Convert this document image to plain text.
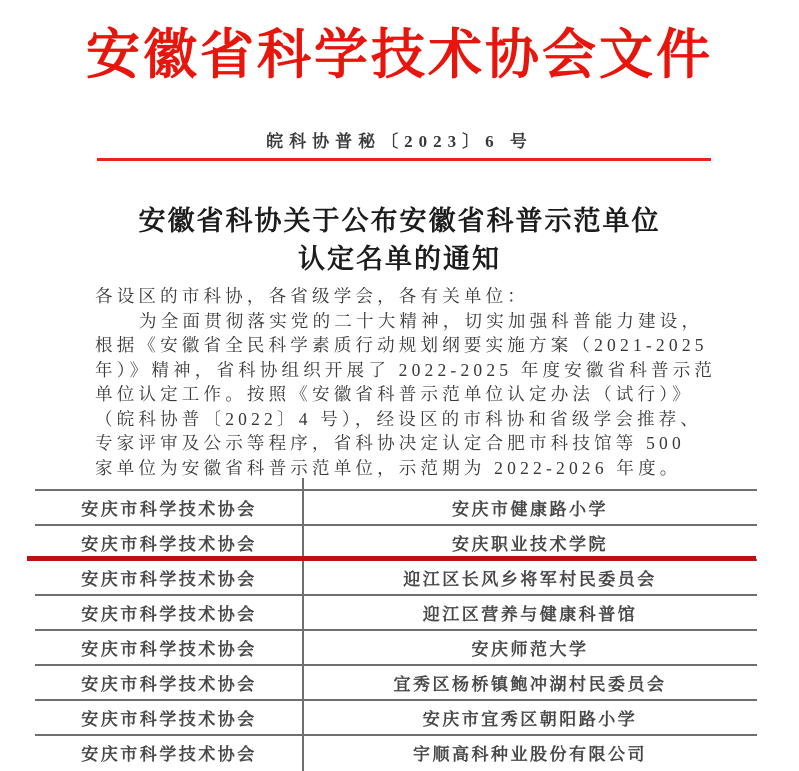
安徽省科学技术协会文件
皖科协普秘〔2023〕6 号
安徽省科协关于公布安徽省科普示范单位
认定名单的通知
各设区的市科协，各省级学会，各有关单位：
为全面贯彻落实党的二十大精神，切实加强科普能力建设，
根据《安徽省全民科学素质行动规划纲要实施方案（2021-2025
年）》精神，省科协组织开展了 2022-2025 年度安徽省科普示范
单位认定工作。按照《安徽省科普示范单位认定办法（试行）》
（皖科协普〔2022〕4 号），经设区的市科协和省级学会推荐、
专家评审及公示等程序，省科协决定认定合肥市科技馆等 500
家单位为安徽省科普示范单位，示范期为 2022-2026 年度。
安庆市科学技术协会	安庆市健康路小学
安庆市科学技术协会	安庆职业技术学院
安庆市科学技术协会	迎江区长风乡将军村民委员会
安庆市科学技术协会	迎江区营养与健康科普馆
安庆市科学技术协会	安庆师范大学
安庆市科学技术协会	宜秀区杨桥镇鲍冲湖村民委员会
安庆市科学技术协会	安庆市宜秀区朝阳路小学
安庆市科学技术协会	宇顺高科种业股份有限公司
